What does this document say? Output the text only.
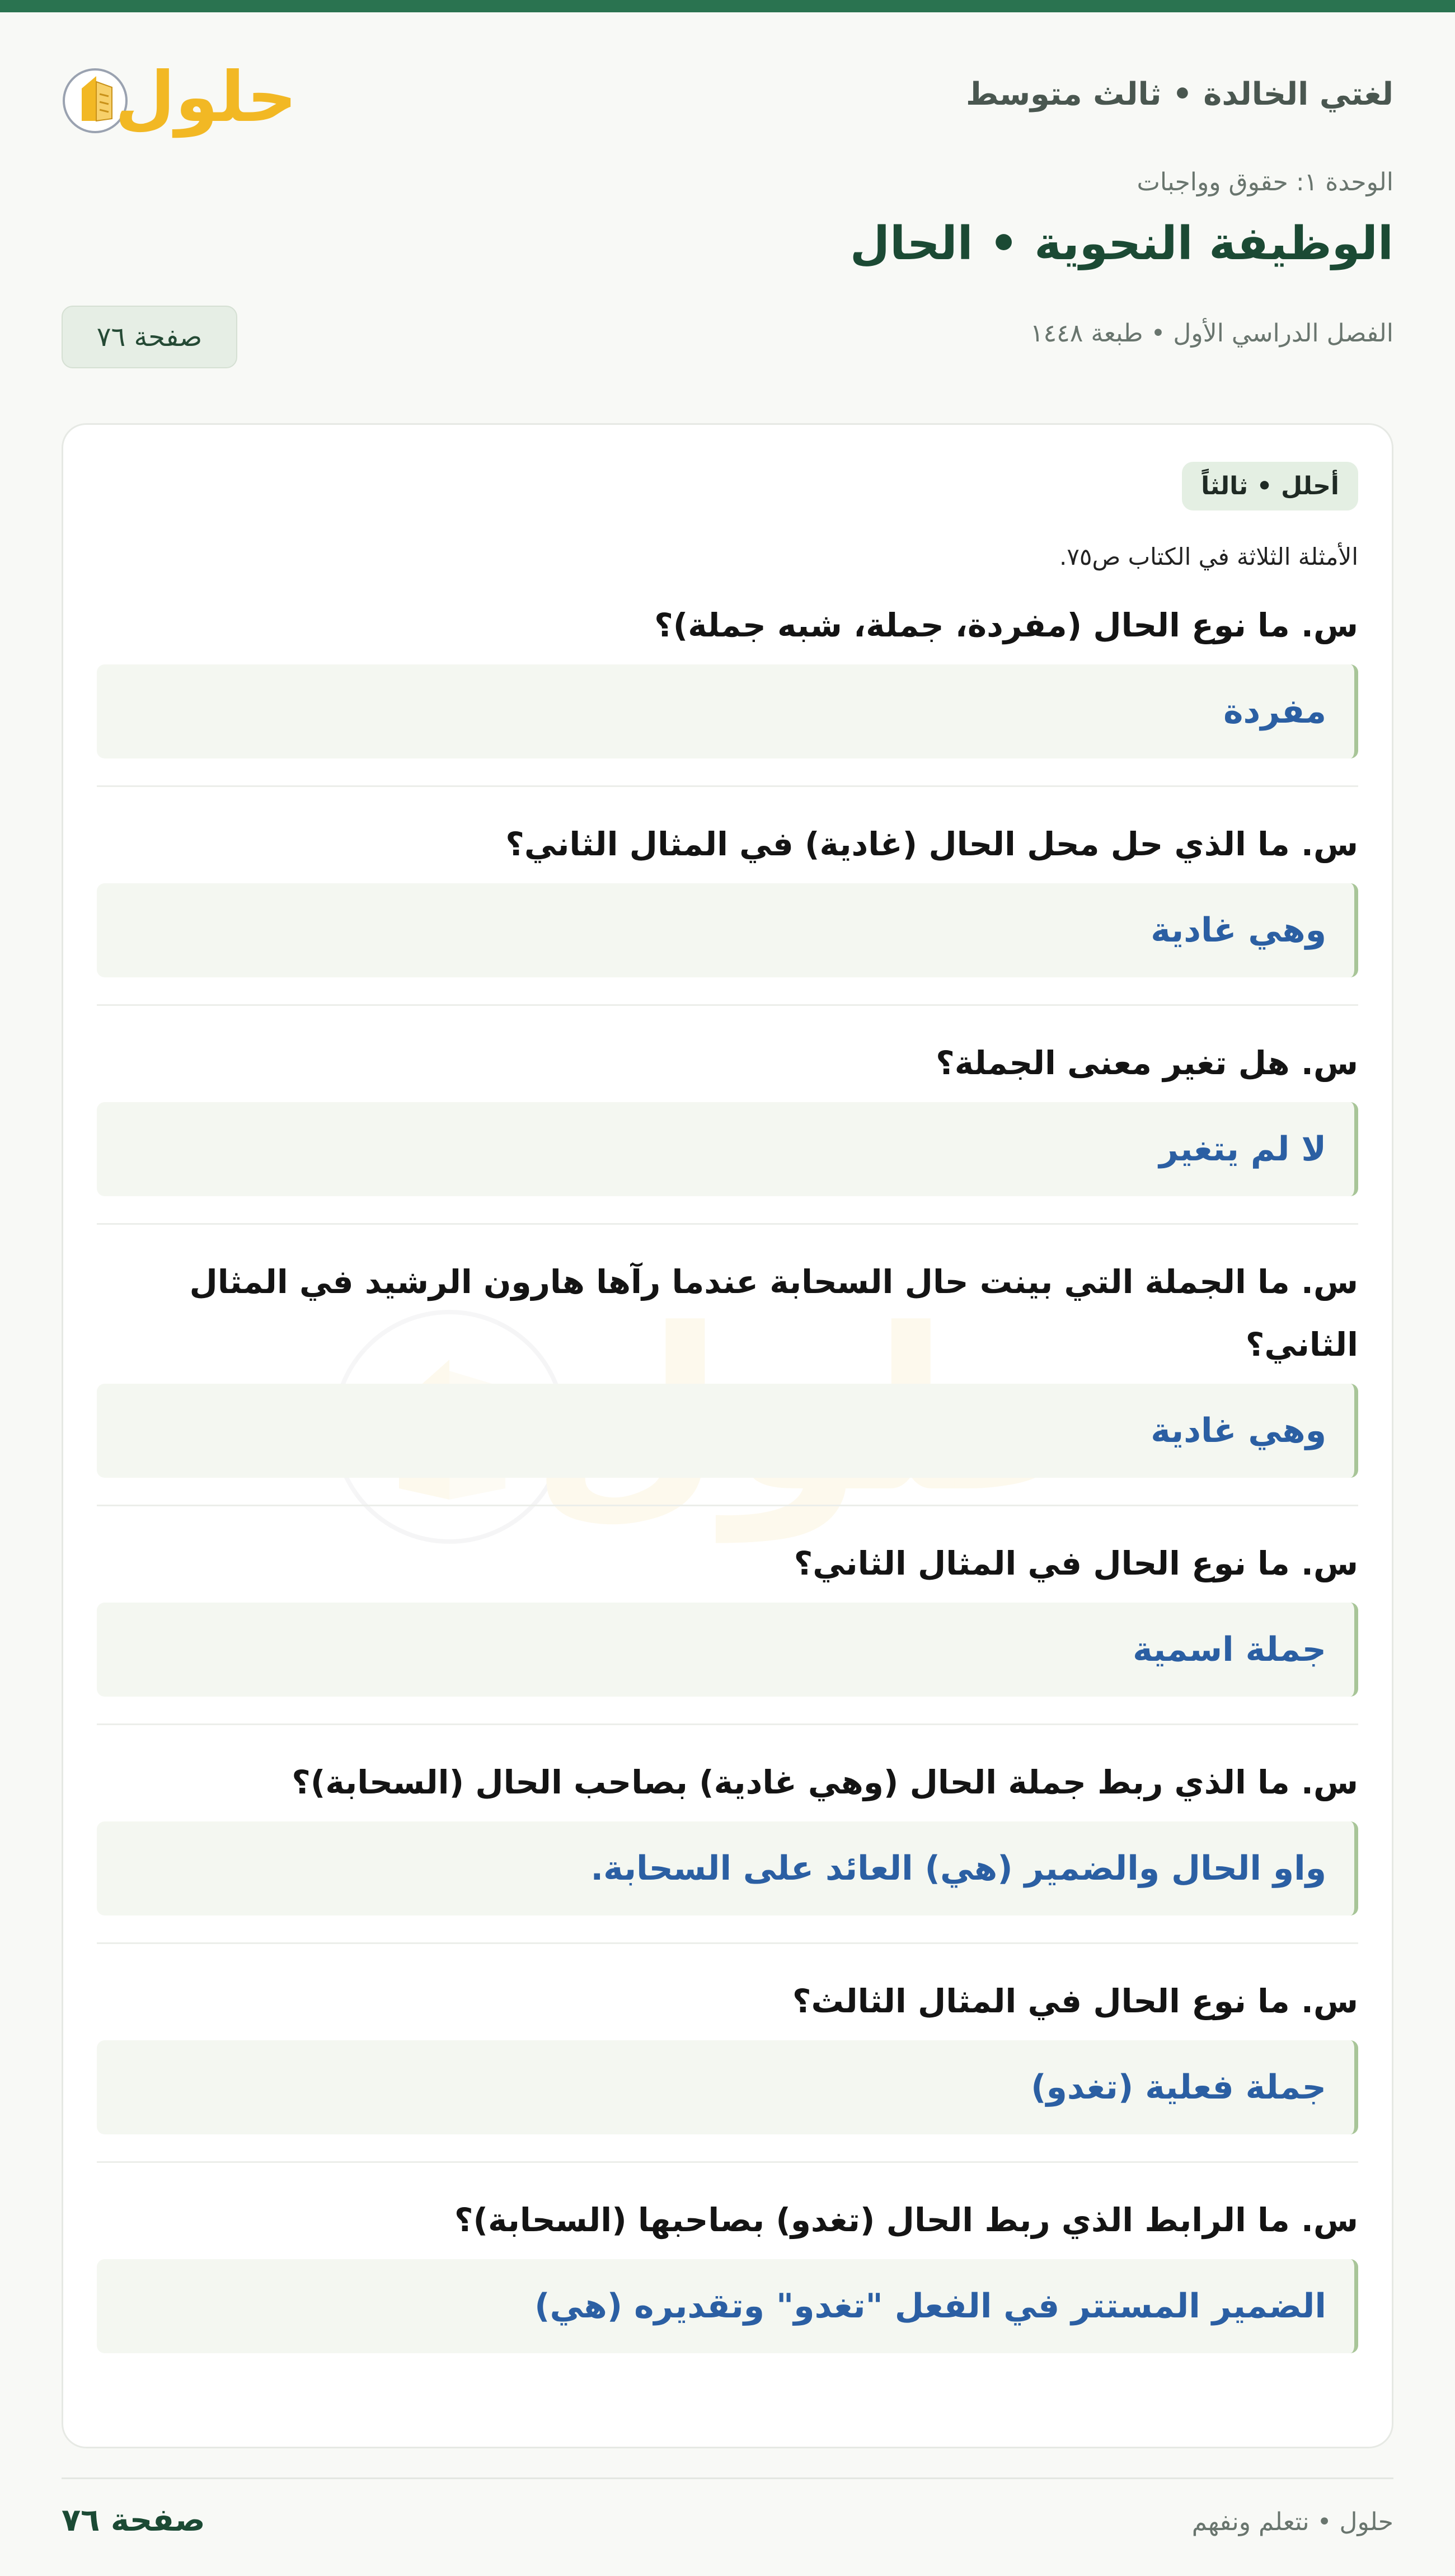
حلول	لغتي الخالدة • ثالث متوسط
الوحدة ١: حقوق وواجبات
الوظيفة النحوية • الحال
الفصل الدراسي الأول • طبعة ١٤٤٨
صفحة ٧٦
أحلل • ثالثاً
الأمثلة الثلاثة في الكتاب ص٧٥.
س. ما نوع الحال (مفردة، جملة، شبه جملة)؟
مفردة
س. ما الذي حل محل الحال (غادية) في المثال الثاني؟
وهي غادية
س. هل تغير معنى الجملة؟
لا لم يتغير
س. ما الجملة التي بينت حال السحابة عندما رآها هارون الرشيد في المثال الثاني؟
وهي غادية
س. ما نوع الحال في المثال الثاني؟
جملة اسمية
س. ما الذي ربط جملة الحال (وهي غادية) بصاحب الحال (السحابة)؟
واو الحال والضمير (هي) العائد على السحابة.
س. ما نوع الحال في المثال الثالث؟
جملة فعلية (تغدو)
س. ما الرابط الذي ربط الحال (تغدو) بصاحبها (السحابة)؟
الضمير المستتر في الفعل "تغدو" وتقديره (هي)
حلول • نتعلم ونفهم
صفحة ٧٦
